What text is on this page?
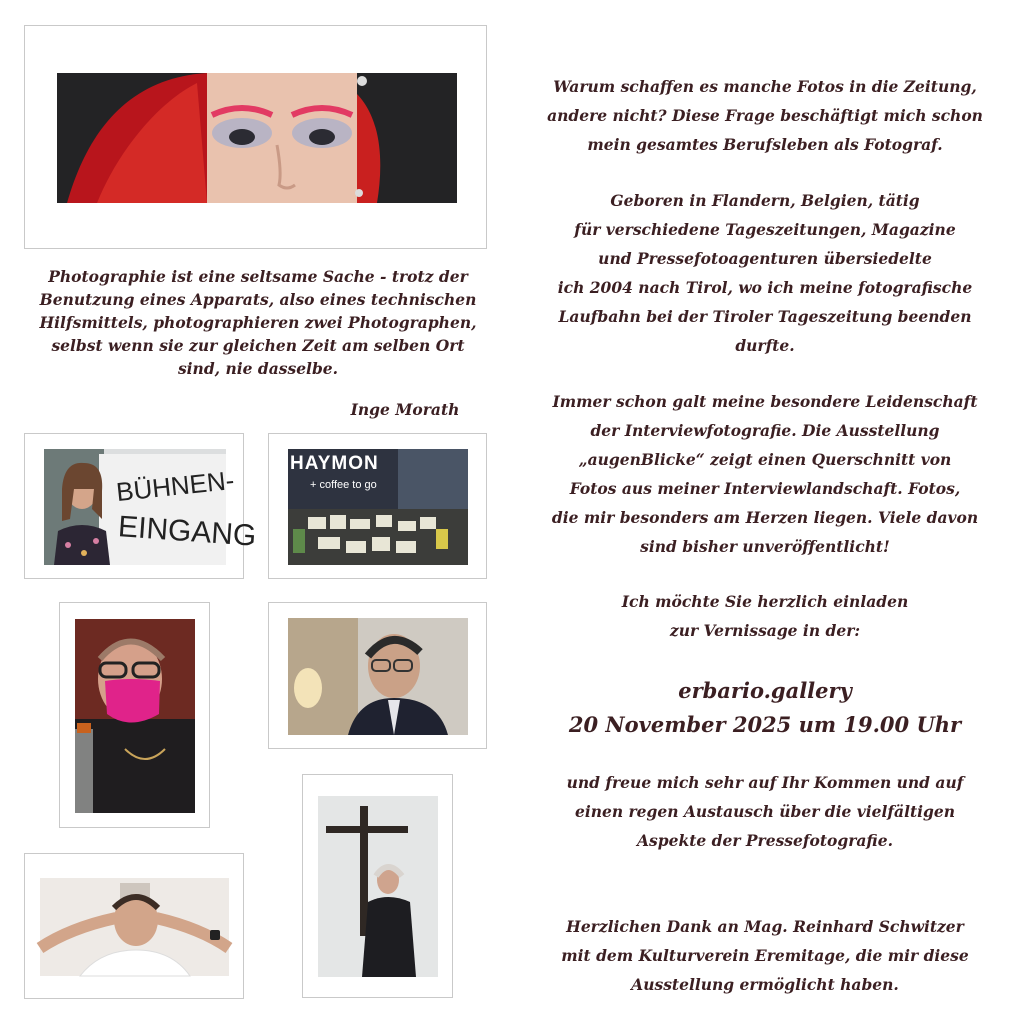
Photographie ist eine seltsame Sache - trotz der
Benutzung eines Apparats, also eines technischen
Hilfsmittels, photographieren zwei Photographen,
selbst wenn sie zur gleichen Zeit am selben Ort
sind, nie dasselbe.
Inge Morath
BÜHNEN-
EINGANG
HAYMON
+ coffee to go
Warum schaffen es manche Fotos in die Zeitung,
andere nicht? Diese Frage beschäftigt mich schon
mein gesamtes Berufsleben als Fotograf.
Geboren in Flandern, Belgien, tätig
für verschiedene Tageszeitungen, Magazine
und Pressefotoagenturen übersiedelte
ich 2004 nach Tirol, wo ich meine fotografische
Laufbahn bei der Tiroler Tageszeitung beenden
durfte.
Immer schon galt meine besondere Leidenschaft
der Interviewfotografie. Die Ausstellung
„augenBlicke“ zeigt einen Querschnitt von
Fotos aus meiner Interviewlandschaft. Fotos,
die mir besonders am Herzen liegen. Viele davon
sind bisher unveröffentlicht!
Ich möchte Sie herzlich einladen
zur Vernissage in der:
erbario.gallery
20 November 2025 um 19.00 Uhr
und freue mich sehr auf Ihr Kommen und auf
einen regen Austausch über die vielfältigen
Aspekte der Pressefotografie.
Herzlichen Dank an Mag. Reinhard Schwitzer
mit dem Kulturverein Eremitage, die mir diese
Ausstellung ermöglicht haben.
